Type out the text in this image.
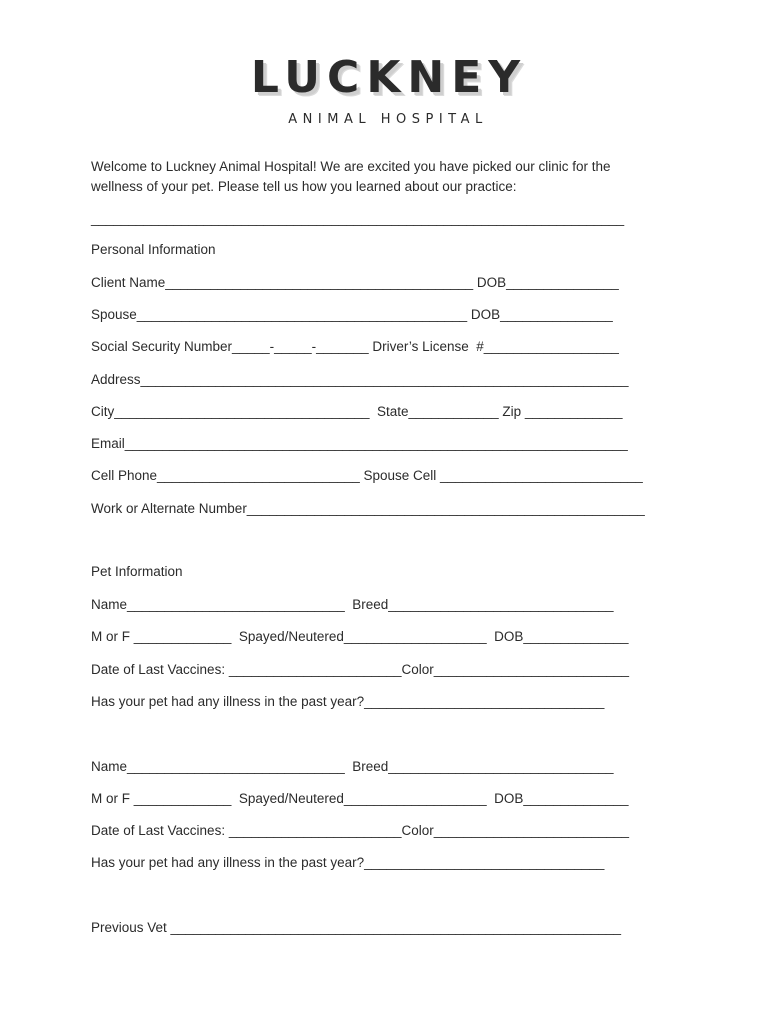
LUCKNEY
ANIMAL HOSPITAL
Welcome to Luckney Animal Hospital! We are excited you have picked our clinic for the
wellness of your pet. Please tell us how you learned about our practice:
_______________________________________________________________________
Personal Information
Client Name_________________________________________ DOB_______________
Spouse____________________________________________ DOB_______________
Social Security Number_____-_____-_______ Driver’s License  #__________________
Address_________________________________________________________________
City__________________________________  State____________ Zip _____________
Email___________________________________________________________________
Cell Phone___________________________ Spouse Cell ___________________________
Work or Alternate Number_____________________________________________________
Pet Information
Name_____________________________  Breed______________________________
M or F _____________  Spayed/Neutered___________________  DOB______________
Date of Last Vaccines: _______________________Color__________________________
Has your pet had any illness in the past year?________________________________
Name_____________________________  Breed______________________________
M or F _____________  Spayed/Neutered___________________  DOB______________
Date of Last Vaccines: _______________________Color__________________________
Has your pet had any illness in the past year?________________________________
Previous Vet ____________________________________________________________
